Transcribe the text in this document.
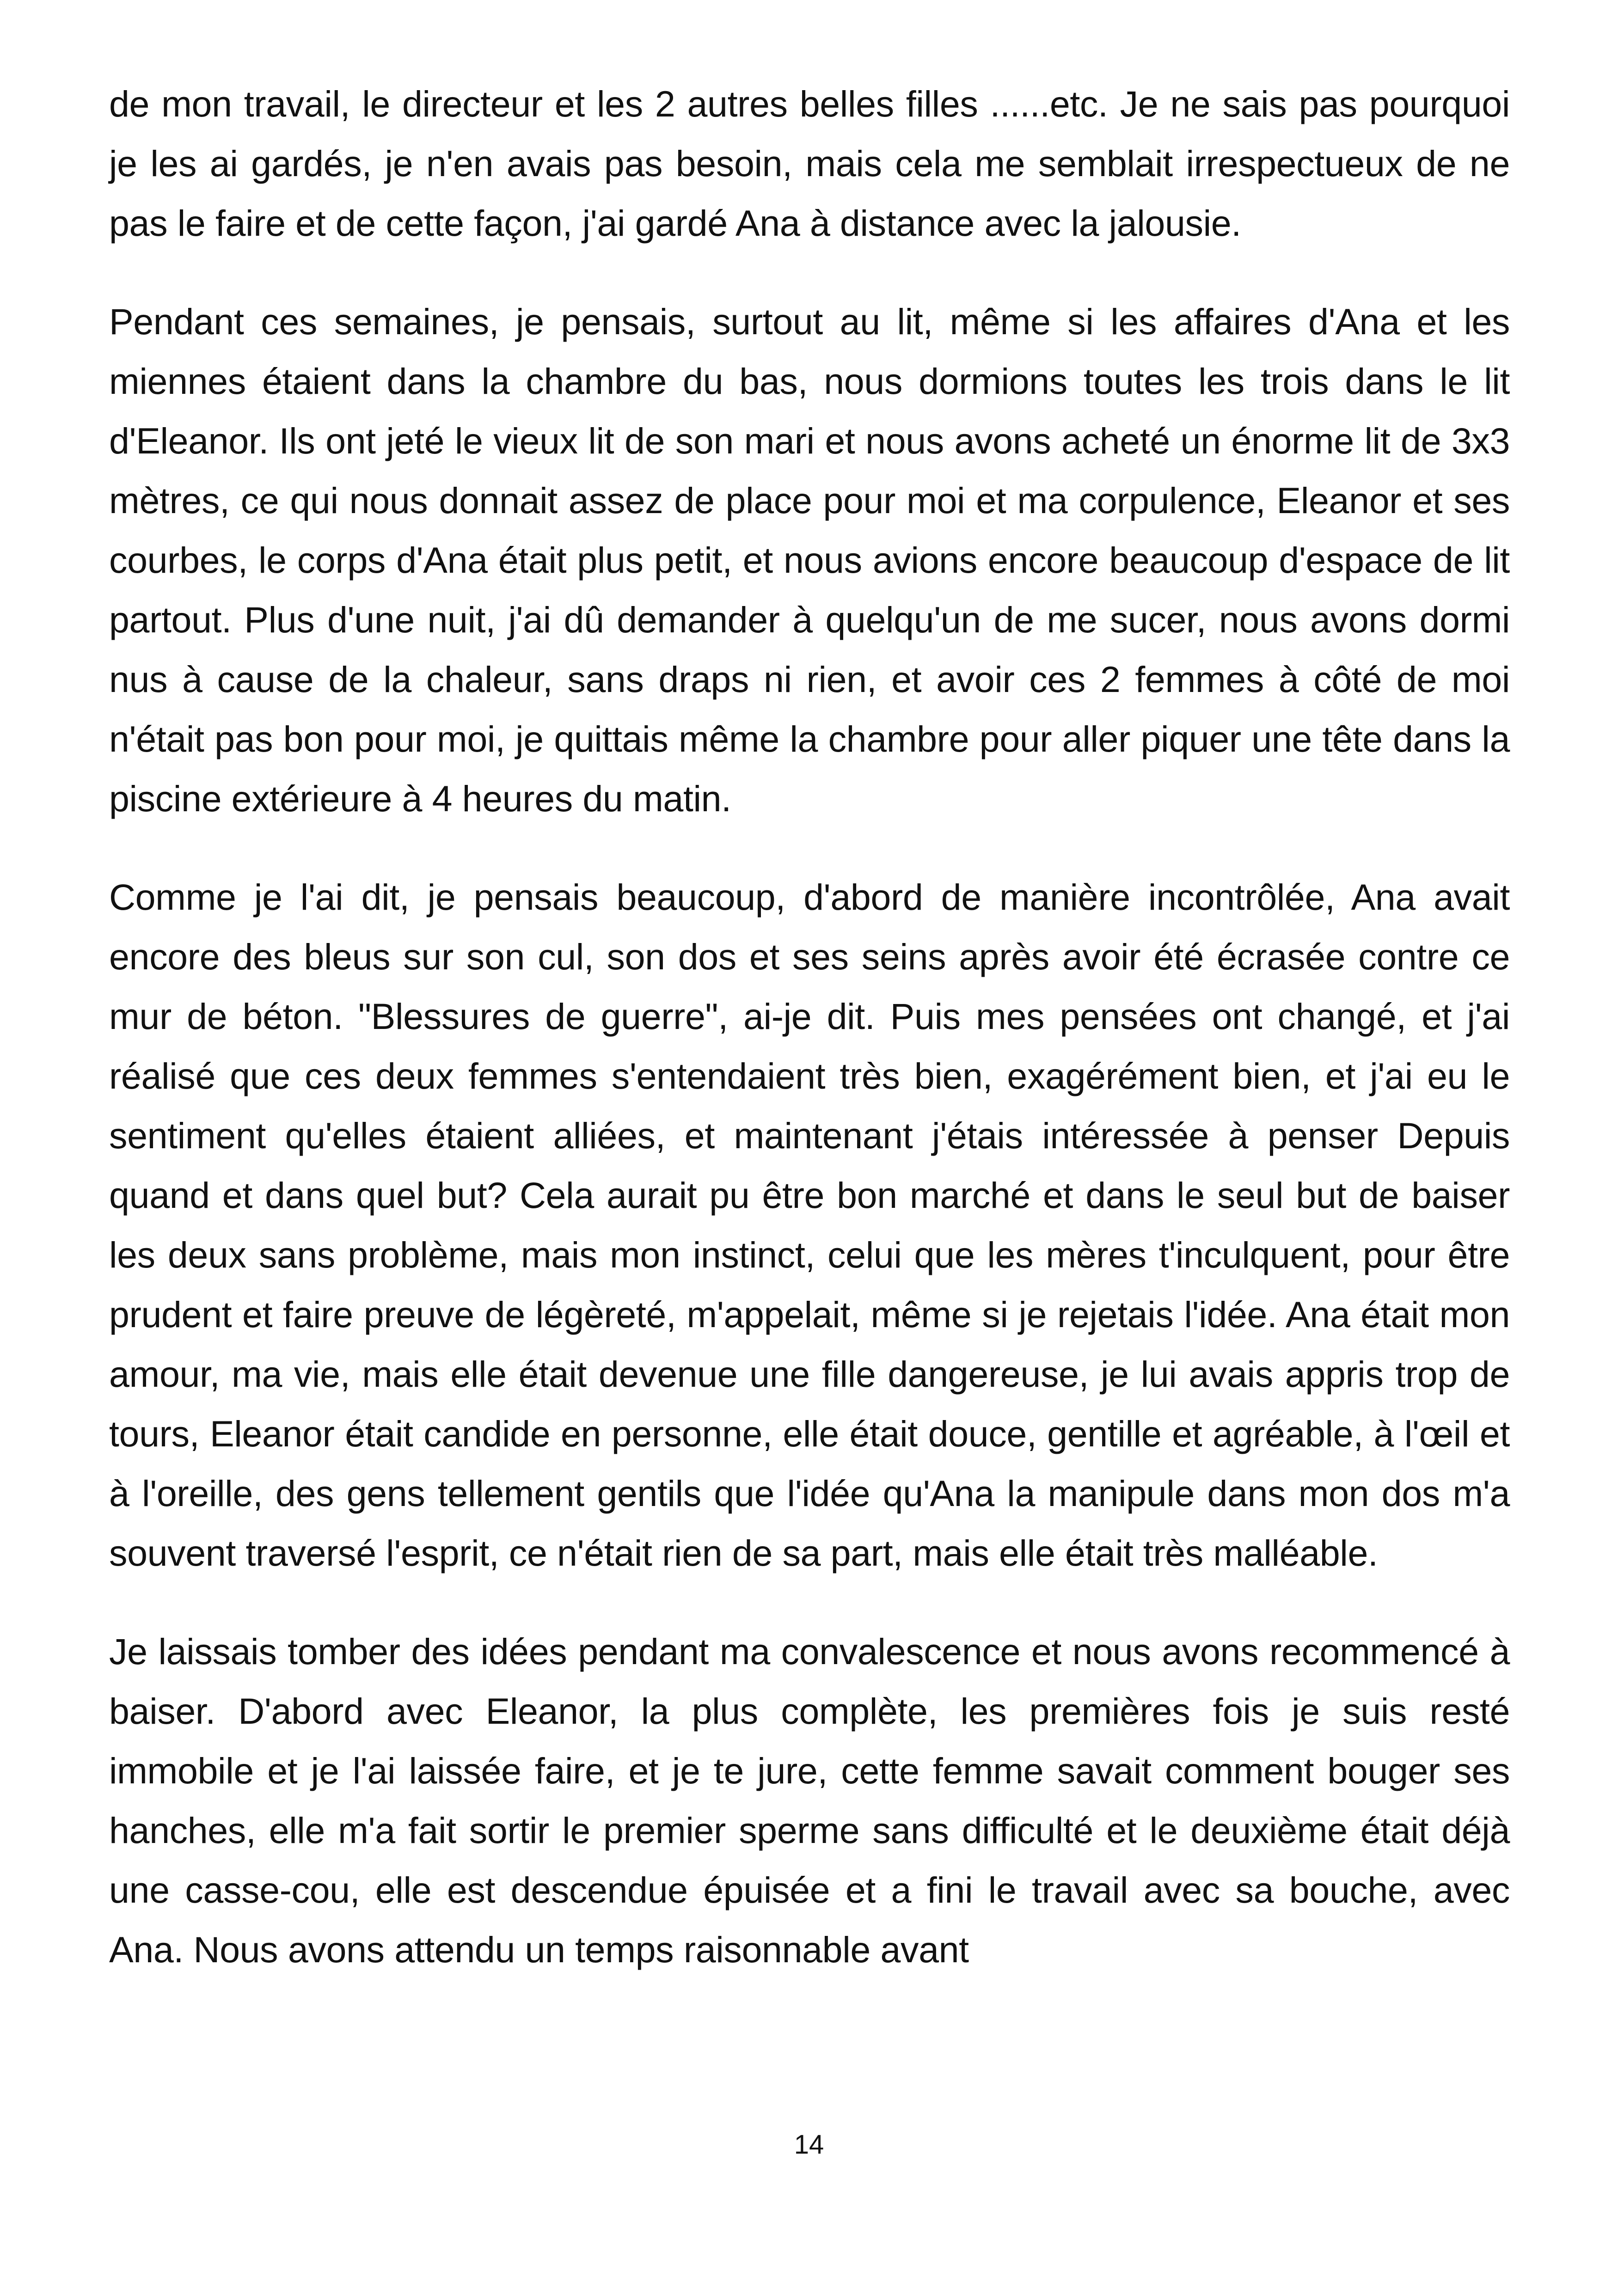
de mon travail, le directeur et les 2 autres belles filles ......etc. Je ne sais pas pourquoi je les ai gardés, je n'en avais pas besoin, mais cela me semblait irrespectueux de ne pas le faire et de cette façon, j'ai gardé Ana à distance avec la jalousie.

Pendant ces semaines, je pensais, surtout au lit, même si les affaires d'Ana et les miennes étaient dans la chambre du bas, nous dormions toutes les trois dans le lit d'Eleanor. Ils ont jeté le vieux lit de son mari et nous avons acheté un énorme lit de 3x3 mètres, ce qui nous donnait assez de place pour moi et ma corpulence, Eleanor et ses courbes, le corps d'Ana était plus petit, et nous avions encore beaucoup d'espace de lit partout. Plus d'une nuit, j'ai dû demander à quelqu'un de me sucer, nous avons dormi nus à cause de la chaleur, sans draps ni rien, et avoir ces 2 femmes à côté de moi n'était pas bon pour moi, je quittais même la chambre pour aller piquer une tête dans la piscine extérieure à 4 heures du matin.

Comme je l'ai dit, je pensais beaucoup, d'abord de manière incontrôlée, Ana avait encore des bleus sur son cul, son dos et ses seins après avoir été écrasée contre ce mur de béton. "Blessures de guerre", ai-je dit. Puis mes pensées ont changé, et j'ai réalisé que ces deux femmes s'entendaient très bien, exagérément bien, et j'ai eu le sentiment qu'elles étaient alliées, et maintenant j'étais intéressée à penser Depuis quand et dans quel but? Cela aurait pu être bon marché et dans le seul but de baiser les deux sans problème, mais mon instinct, celui que les mères t'inculquent, pour être prudent et faire preuve de légèreté, m'appelait, même si je rejetais l'idée. Ana était mon amour, ma vie, mais elle était devenue une fille dangereuse, je lui avais appris trop de tours, Eleanor était candide en personne, elle était douce, gentille et agréable, à l'œil et à l'oreille, des gens tellement gentils que l'idée qu'Ana la manipule dans mon dos m'a souvent traversé l'esprit, ce n'était rien de sa part, mais elle était très malléable.

Je laissais tomber des idées pendant ma convalescence et nous avons recommencé à baiser. D'abord avec Eleanor, la plus complète, les premières fois je suis resté immobile et je l'ai laissée faire, et je te jure, cette femme savait comment bouger ses hanches, elle m'a fait sortir le premier sperme sans difficulté et le deuxième était déjà une casse-cou, elle est descendue épuisée et a fini le travail avec sa bouche, avec Ana. Nous avons attendu un temps raisonnable avant

14
